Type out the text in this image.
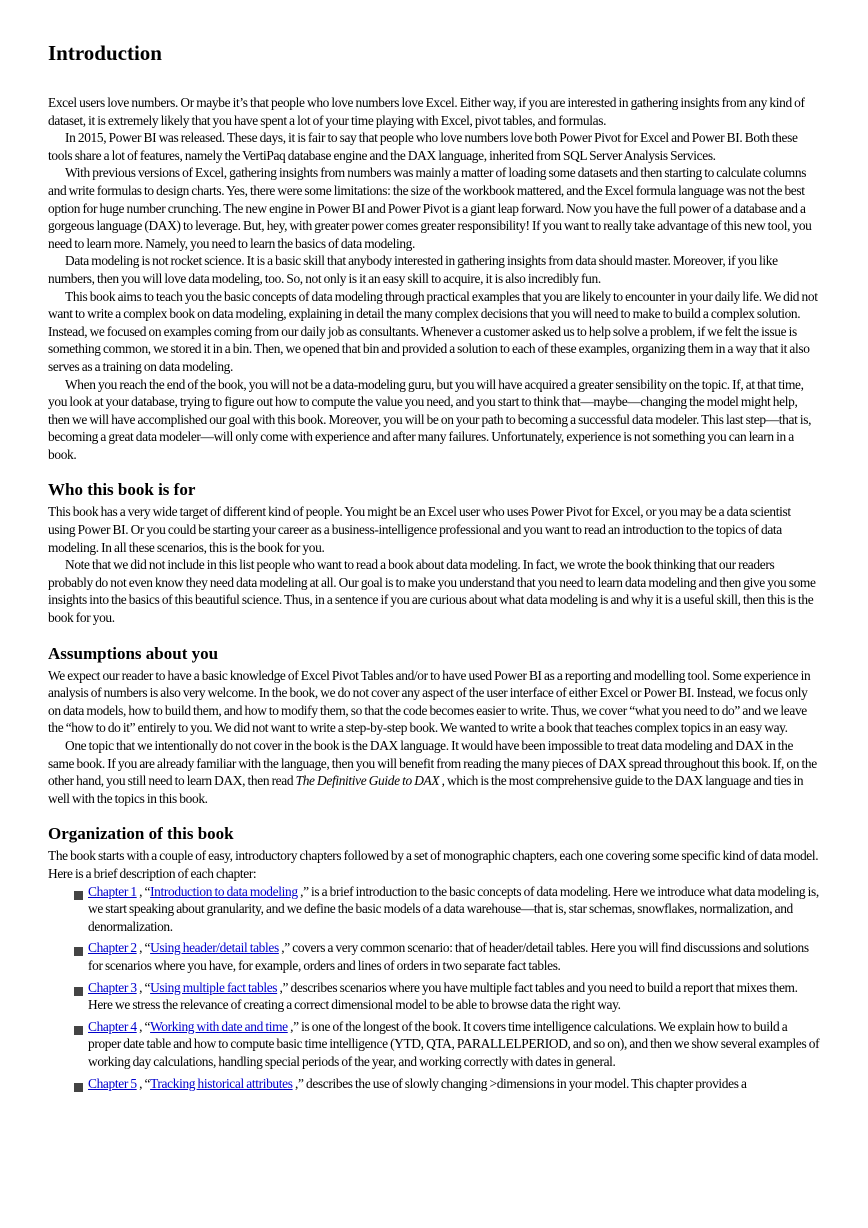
Introduction

Excel users love numbers. Or maybe it’s that people who love numbers love Excel. Either way, if you are interested in gathering insights from any kind of dataset, it is extremely likely that you have spent a lot of your time playing with Excel, pivot tables, and formulas.

In 2015, Power BI was released. These days, it is fair to say that people who love numbers love both Power Pivot for Excel and Power BI. Both these tools share a lot of features, namely the VertiPaq database engine and the DAX language, inherited from SQL Server Analysis Services.

With previous versions of Excel, gathering insights from numbers was mainly a matter of loading some datasets and then starting to calculate columns and write formulas to design charts. Yes, there were some limitations: the size of the workbook mattered, and the Excel formula language was not the best option for huge number crunching. The new engine in Power BI and Power Pivot is a giant leap forward. Now you have the full power of a database and a gorgeous language (DAX) to leverage. But, hey, with greater power comes greater responsibility! If you want to really take advantage of this new tool, you need to learn more. Namely, you need to learn the basics of data modeling.

Data modeling is not rocket science. It is a basic skill that anybody interested in gathering insights from data should master. Moreover, if you like numbers, then you will love data modeling, too. So, not only is it an easy skill to acquire, it is also incredibly fun.

This book aims to teach you the basic concepts of data modeling through practical examples that you are likely to encounter in your daily life. We did not want to write a complex book on data modeling, explaining in detail the many complex decisions that you will need to make to build a complex solution. Instead, we focused on examples coming from our daily job as consultants. Whenever a customer asked us to help solve a problem, if we felt the issue is something common, we stored it in a bin. Then, we opened that bin and provided a solution to each of these examples, organizing them in a way that it also serves as a training on data modeling.

When you reach the end of the book, you will not be a data-modeling guru, but you will have acquired a greater sensibility on the topic. If, at that time, you look at your database, trying to figure out how to compute the value you need, and you start to think that—maybe—changing the model might help, then we will have accomplished our goal with this book. Moreover, you will be on your path to becoming a successful data modeler. This last step—that is, becoming a great data modeler—will only come with experience and after many failures. Unfortunately, experience is not something you can learn in a book.

Who this book is for

This book has a very wide target of different kind of people. You might be an Excel user who uses Power Pivot for Excel, or you may be a data scientist using Power BI. Or you could be starting your career as a business-intelligence professional and you want to read an introduction to the topics of data modeling. In all these scenarios, this is the book for you.

Note that we did not include in this list people who want to read a book about data modeling. In fact, we wrote the book thinking that our readers probably do not even know they need data modeling at all. Our goal is to make you understand that you need to learn data modeling and then give you some insights into the basics of this beautiful science. Thus, in a sentence if you are curious about what data modeling is and why it is a useful skill, then this is the book for you.

Assumptions about you

We expect our reader to have a basic knowledge of Excel Pivot Tables and/or to have used Power BI as a reporting and modelling tool. Some experience in analysis of numbers is also very welcome. In the book, we do not cover any aspect of the user interface of either Excel or Power BI. Instead, we focus only on data models, how to build them, and how to modify them, so that the code becomes easier to write. Thus, we cover “what you need to do” and we leave the “how to do it” entirely to you. We did not want to write a step-by-step book. We wanted to write a book that teaches complex topics in an easy way.

One topic that we intentionally do not cover in the book is the DAX language. It would have been impossible to treat data modeling and DAX in the same book. If you are already familiar with the language, then you will benefit from reading the many pieces of DAX spread throughout this book. If, on the other hand, you still need to learn DAX, then read The Definitive Guide to DAX , which is the most comprehensive guide to the DAX language and ties in well with the topics in this book.

Organization of this book

The book starts with a couple of easy, introductory chapters followed by a set of monographic chapters, each one covering some specific kind of data model. Here is a brief description of each chapter:

Chapter 1 , “Introduction to data modeling ,” is a brief introduction to the basic concepts of data modeling. Here we introduce what data modeling is, we start speaking about granularity, and we define the basic models of a data warehouse—that is, star schemas, snowflakes, normalization, and denormalization.
Chapter 2 , “Using header/detail tables ,” covers a very common scenario: that of header/detail tables. Here you will find discussions and solutions for scenarios where you have, for example, orders and lines of orders in two separate fact tables.
Chapter 3 , “Using multiple fact tables ,” describes scenarios where you have multiple fact tables and you need to build a report that mixes them. Here we stress the relevance of creating a correct dimensional model to be able to browse data the right way.
Chapter 4 , “Working with date and time ,” is one of the longest of the book. It covers time intelligence calculations. We explain how to build a proper date table and how to compute basic time intelligence (YTD, QTA, PARALLELPERIOD, and so on), and then we show several examples of working day calculations, handling special periods of the year, and working correctly with dates in general.
Chapter 5 , “Tracking historical attributes ,” describes the use of slowly changing >dimensions in your model. This chapter provides a
